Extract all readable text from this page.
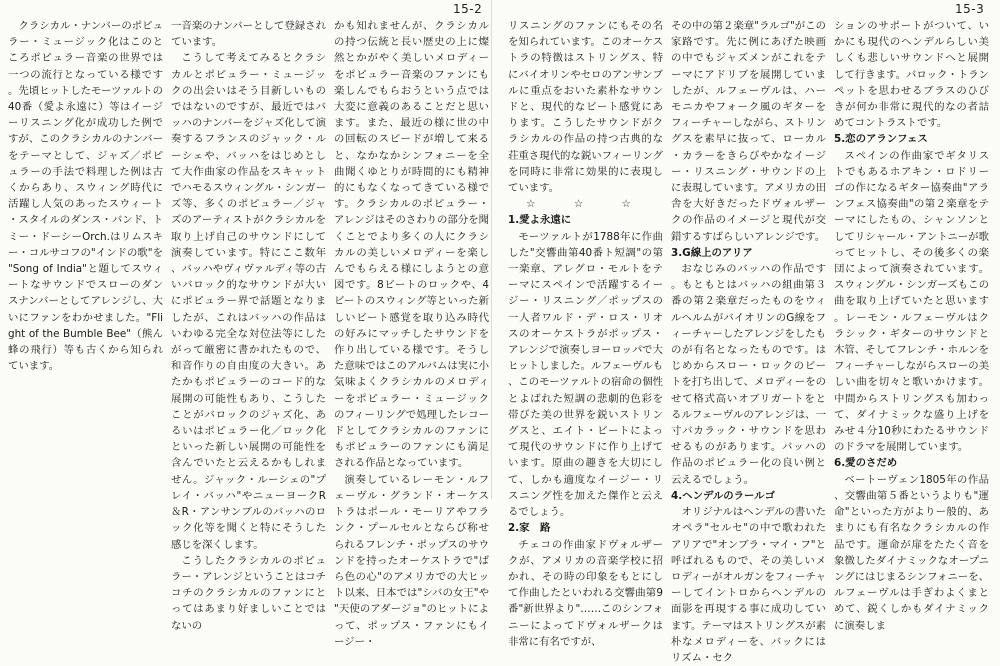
15-2	15-3

クラシカル・ナンバーのポピュラー・ミュージック化はこのところポピュラー音楽の世界では一つの流行となっている様です。先頃ヒットしたモーツァルトの40番（愛よ永遠に）等はイージーリスニング化が成功した例ですが、このクラシカルのナンバーをテーマとして、ジャズ／ポピュラーの手法で料理した例は古くからあり、スウィング時代に活躍し人気のあったスウィート・スタイルのダンス・バンド、トミー・ドーシーOrch.はリムスキー・コルサコフの"インドの歌"を"Song of India"と題してスウィートなサウンドでスローのダンスナンバーとしてアレンジし、大いにファンをわかせました。"Flight of the Bumble Bee"（熊ん蜂の飛行）等も古くから知られています。

一音楽のナンバーとして登録されています。

こうして考えてみるとクラシカルとポピュラー・ミュージックの出会いはそう目新しいものではないのですが、最近ではバッハのナンバーをジャズ化して演奏するフランスのジャック・ルーシェや、バッハをはじめとして大作曲家の作品をスキャットでハモるスウィングル・シンガーズ等、多くのポピュラー／ジャズのアーティストがクラシカルを取り上げ自己のサウンドにして演奏しています。特にここ数年、バッハやヴィヴァルディ等の古いバロック的なサウンドが大いにポピュラー界で話題となりましたが、これはバッハの作品はいわゆる完全な対位法等にしたがって厳密に書かれたもので、和音作りの自由度の大きい。あたかもポピュラーのコード的な展開の可能性もあり、こうしたことがバロックのジャズ化、あるいはポピュラー化／ロック化といった新しい展開の可能性を含んでいたと云えるかもしれません。ジャック・ルーシェの"プレイ・バッハ"やニューヨークR＆R・アンサンブルのバッハのロック化等を聞くと特にそうした感じを深くします。

こうしたクラシカルのポピュラー・アレンジということはコチコチのクラシカルのファンにとってはあまり好ましいことではないの

かも知れませんが、クラシカルの持つ伝統と長い歴史の上に燦然とかがやく美しいメロディーをポピュラー音楽のファンにも楽しんでもらおうという点では大変に意義のあることだと思います。また、最近の様に世の中の回転のスピードが増して来ると、なかなかシンフォニーを全曲聞くゆとりが時間的にも精神的にもなくなってきている様です。クラシカルのポピュラー・アレンジはそのさわりの部分を聞くことでより多くの人にクラシカルの美しいメロディーを楽しんでもらえる様にしようとの意図です。8ビートのロックや、4ビートのスウィング等といった新しいビート感覚を取り込み時代の好みにマッチしたサウンドを作り出している様です。そうした意味ではこのアルバムは実に小気味よくクラシカルのメロディーをポピュラー・ミュージックのフィーリングで処理したレコードとしてクラシカルのファンにもポピュラーのファンにも満足される作品となっています。

演奏しているレーモン・ルフェーヴル・グランド・オーケストラはポール・モーリアやフランク・プールセルとならび称せられるフレンチ・ポップスのサウンドを持ったオーケストラで"ばら色の心"のアメリカでの大ヒット以来、日本では"シバの女王"や"天使のアダージョ"のヒットによって、ポップス・ファンにもイージー・

リスニングのファンにもその名を知られています。このオーケストラの特徴はストリングス、特にバイオリンやセロのアンサンブルに重点をおいた素朴なサウンドと、現代的なビート感覚にあります。こうしたサウンドがクラシカルの作品の持つ古典的な荘重さ現代的な鋭いフィーリングを同時に非常に効果的に表現しています。

☆　☆　☆

1.愛よ永遠に

モーツァルトが1788年に作曲した"交響曲第40番ト短調"の第一楽章、アレグロ・モルトをテーマにスペインで活躍するイージー・リスニング／ポップスの一人者ワルド・デ・ロス・リオスのオーケストラがポップス・アレンジで演奏しヨーロッパで大ヒットしました。ルフェーヴルも、このモーツァルトの宿命の個性とよばれた短調の悲劇的色彩を帯びた美の世界を鋭いストリングスと、エイト・ビートによって現代のサウンドに作り上げています。原曲の趣きを大切にして、しかも適度なイージー・リスニング性を加えた傑作と云えるでしょう。

2.家　路

チェコの作曲家ドヴォルザークが、アメリカの音楽学校に招かれ、その時の印象をもとにして作曲したといわれる交響曲第9番"新世界より"……このシンフォニーによってドヴォルザークは非常に有名ですが、

その中の第２楽章"ラルゴ"がこの家路です。先に例にあげた映画の中でもジャズメンがこれをテーマにアドリブを展開していましたが、ルフェーヴルは、ハーモニカやフォーク風のギターをフィーチャーしながら、ストリングスを素早に抜って、ローカル・カラーをきらびやかなイージー・リスニング・サウンドの上に表現しています。アメリカの田舎を大好きだったドヴォルザークの作品のイメージと現代が交錯するすばらしいアレンジです。

3.G線上のアリア

おなじみのバッハの作品です。もともとはバッハの組曲第３番の第２楽章だったものをウィルヘルムがバイオリンのG線をフィーチャーしたアレンジをしたものが有名となったものです。はじめからスロー・ロックのビートを打ち出して、メロディーをのせて格式高いオブリガートをとるルフェーヴルのアレンジは、一寸バカラック・サウンドを思わせるものがあります。バッハの作品のポピュラー化の良い例と云えるでしょう。

4.ヘンデルのラールゴ

オリジナルはヘンデルの書いたオペラ"セルセ"の中で歌われたアリアで"オンブラ・マイ・フ"と呼ばれるもので、その美しいメロディーがオルガンをフィーチャーしてイントロからヘンデルの面影を再現する事に成功しています。テーマはストリングスが素朴なメロディーを、バックにはリズム・セク

ションのサポートがついて、いかにも現代のヘンデルらしい美しくも悲しいサウンドへと展開して行きます。バロック・トランペットを思わせるブラスのひびきが何か非常に現代的なの者詰めてコントラストです。

5.恋のアランフェス

スペインの作曲家でギタリストでもあるホアキン・ロドリーゴの作になるギター協奏曲"アランフェス協奏曲"の第２楽章をテーマにしたもの、シャンソンとしてリシャール・アントニーが歌ってヒットし、その後多くの楽団によって演奏されています。スウィングル・シンガーズもこの曲を取り上げていたと思います。レーモン・ルフェーヴルはクラシック・ギターのサウンドと木管、そしてフレンチ・ホルンをフィーチャーしながらスローの美しい曲を切々と歌いかけます。中間からストリングスも加わって、ダイナミックな盛り上げをみせ４分10秒にわたるサウンドのドラマを展開しています。

6.愛のさだめ

ベートーヴェン1805年の作品、交響曲第５番というよりも"運命"といった方がよりー般的、あまりにも有名なクラシカルの作品です。運命が扉をたたく音を象徴したダイナミックなオープニングにはじまるシンフォニーを、ルフェーヴルは手ぎわよくまとめて、鋭くしかもダイナミックに演奏しま
